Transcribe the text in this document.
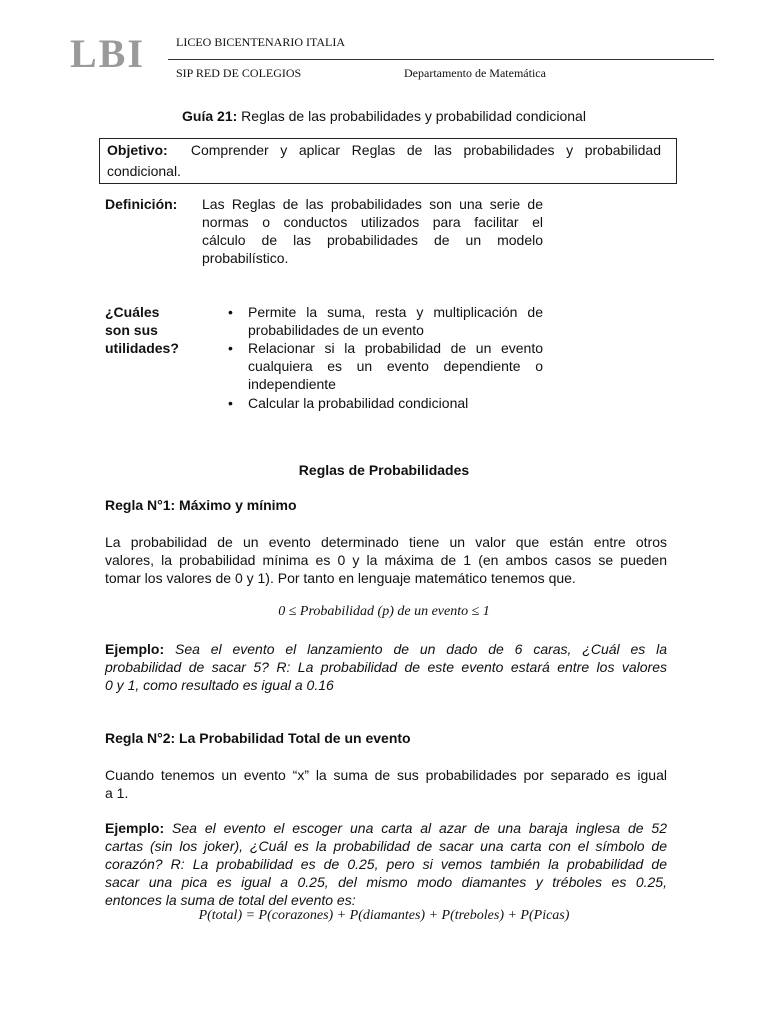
LBI	LICEO BICENTENARIO ITALIA
SIP RED DE COLEGIOS	Departamento de Matemática
Guía 21: Reglas de las probabilidades y probabilidad condicional
Objetivo: Comprender y aplicar Reglas de las probabilidades y probabilidad
condicional.
Definición: Las Reglas de las probabilidades son una serie de
normas o conductos utilizados para facilitar el
cálculo de las probabilidades de un modelo
probabilístico.
¿Cuáles
son sus
utilidades?
• Permite la suma, resta y multiplicación de
probabilidades de un evento
• Relacionar si la probabilidad de un evento
cualquiera es un evento dependiente o
independiente
• Calcular la probabilidad condicional
Reglas de Probabilidades
Regla N°1: Máximo y mínimo
La probabilidad de un evento determinado tiene un valor que están entre otros
valores, la probabilidad mínima es 0 y la máxima de 1 (en ambos casos se pueden
tomar los valores de 0 y 1). Por tanto en lenguaje matemático tenemos que.
0 ≤ Probabilidad (p) de un evento ≤ 1
Ejemplo: Sea el evento el lanzamiento de un dado de 6 caras, ¿Cuál es la
probabilidad de sacar 5? R: La probabilidad de este evento estará entre los valores
0 y 1, como resultado es igual a 0.16
Regla N°2: La Probabilidad Total de un evento
Cuando tenemos un evento “x” la suma de sus probabilidades por separado es igual
a 1.
Ejemplo: Sea el evento el escoger una carta al azar de una baraja inglesa de 52
cartas (sin los joker), ¿Cuál es la probabilidad de sacar una carta con el símbolo de
corazón? R: La probabilidad es de 0.25, pero si vemos también la probabilidad de
sacar una pica es igual a 0.25, del mismo modo diamantes y tréboles es 0.25,
entonces la suma de total del evento es:
P(total) = P(corazones) + P(diamantes) + P(treboles) + P(Picas)
